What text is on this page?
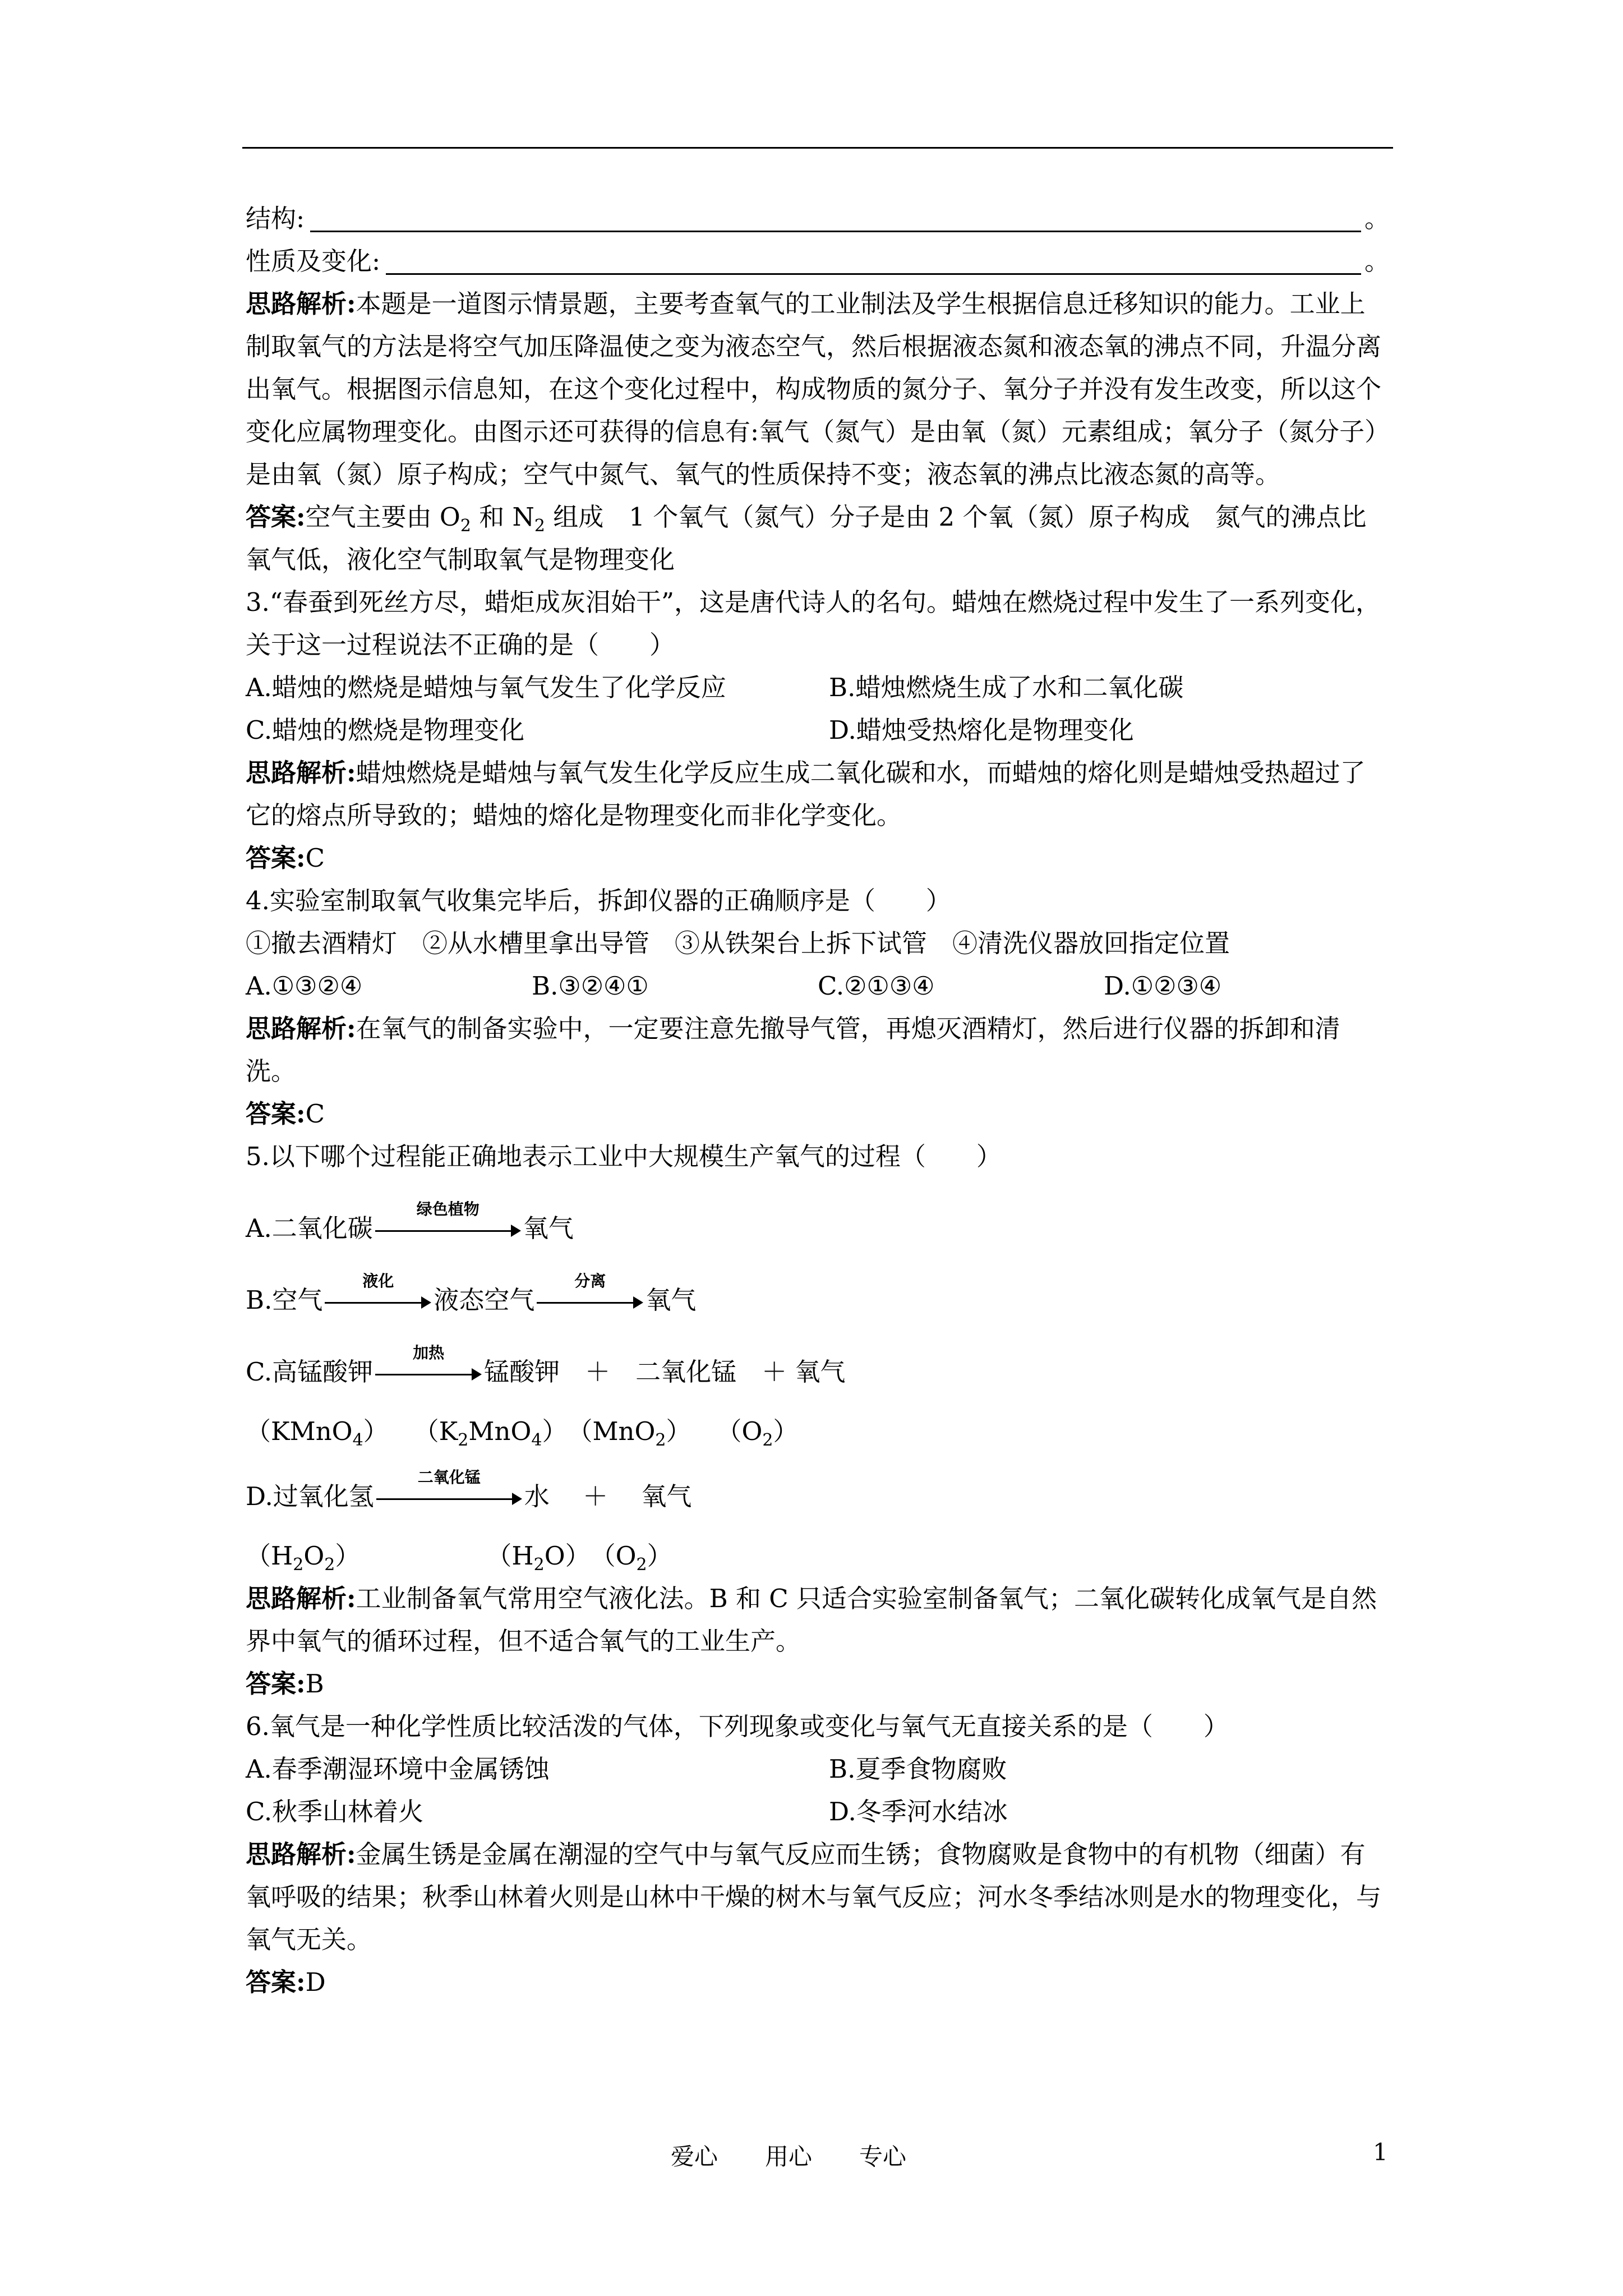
结构:	。

性质及变化:	。

思路解析:本题是一道图示情景题，主要考查氧气的工业制法及学生根据信息迁移知识的能力。工业上制取氧气的方法是将空气加压降温使之变为液态空气，然后根据液态氮和液态氧的沸点不同，升温分离出氧气。根据图示信息知，在这个变化过程中，构成物质的氮分子、氧分子并没有发生改变，所以这个变化应属物理变化。由图示还可获得的信息有:氧气（氮气）是由氧（氮）元素组成；氧分子（氮分子）是由氧（氮）原子构成；空气中氮气、氧气的性质保持不变；液态氧的沸点比液态氮的高等。

答案:空气主要由 $O_2$ 和 $N_2$ 组成　1 个氧气（氮气）分子是由 2 个氧（氮）原子构成　氮气的沸点比氧气低，液化空气制取氧气是物理变化

3.“春蚕到死丝方尽，蜡炬成灰泪始干”，这是唐代诗人的名句。蜡烛在燃烧过程中发生了一系列变化，关于这一过程说法不正确的是（　　）

A.蜡烛的燃烧是蜡烛与氧气发生了化学反应	B.蜡烛燃烧生成了水和二氧化碳

C.蜡烛的燃烧是物理变化	D.蜡烛受热熔化是物理变化

思路解析:蜡烛燃烧是蜡烛与氧气发生化学反应生成二氧化碳和水，而蜡烛的熔化则是蜡烛受热超过了它的熔点所导致的；蜡烛的熔化是物理变化而非化学变化。

答案:C

4.实验室制取氧气收集完毕后，拆卸仪器的正确顺序是（　　）

①撤去酒精灯　②从水槽里拿出导管　③从铁架台上拆下试管　④清洗仪器放回指定位置

A.①③②④	B.③②④①	C.②①③④	D.①②③④

思路解析:在氧气的制备实验中，一定要注意先撤导气管，再熄灭酒精灯，然后进行仪器的拆卸和清洗。

答案:C

5.以下哪个过程能正确地表示工业中大规模生产氧气的过程（　　）

A.二氧化碳
绿色植物
氧气

B.空气
液化
液态空气
分离
氧气

C.高锰酸钾
加热
锰酸钾　＋　二氧化锰　＋ 氧气

（KMnO$_4$）　　$(K_2MnO_4)$　（MnO$_2$）　　$(O_2)$

D.过氧化氢
二氧化锰
水　 ＋　 氧气

$(H_2O_2)$　　　　　　$(H_2O)$　$(O_2)$

思路解析:工业制备氧气常用空气液化法。B 和 C 只适合实验室制备氧气；二氧化碳转化成氧气是自然界中氧气的循环过程，但不适合氧气的工业生产。

答案:B

6.氧气是一种化学性质比较活泼的气体，下列现象或变化与氧气无直接关系的是（　　）

A.春季潮湿环境中金属锈蚀	B.夏季食物腐败

C.秋季山林着火	D.冬季河水结冰

思路解析:金属生锈是金属在潮湿的空气中与氧气反应而生锈；食物腐败是食物中的有机物（细菌）有氧呼吸的结果；秋季山林着火则是山林中干燥的树木与氧气反应；河水冬季结冰则是水的物理变化，与氧气无关。

答案:D

爱心　　用心　　专心	1
